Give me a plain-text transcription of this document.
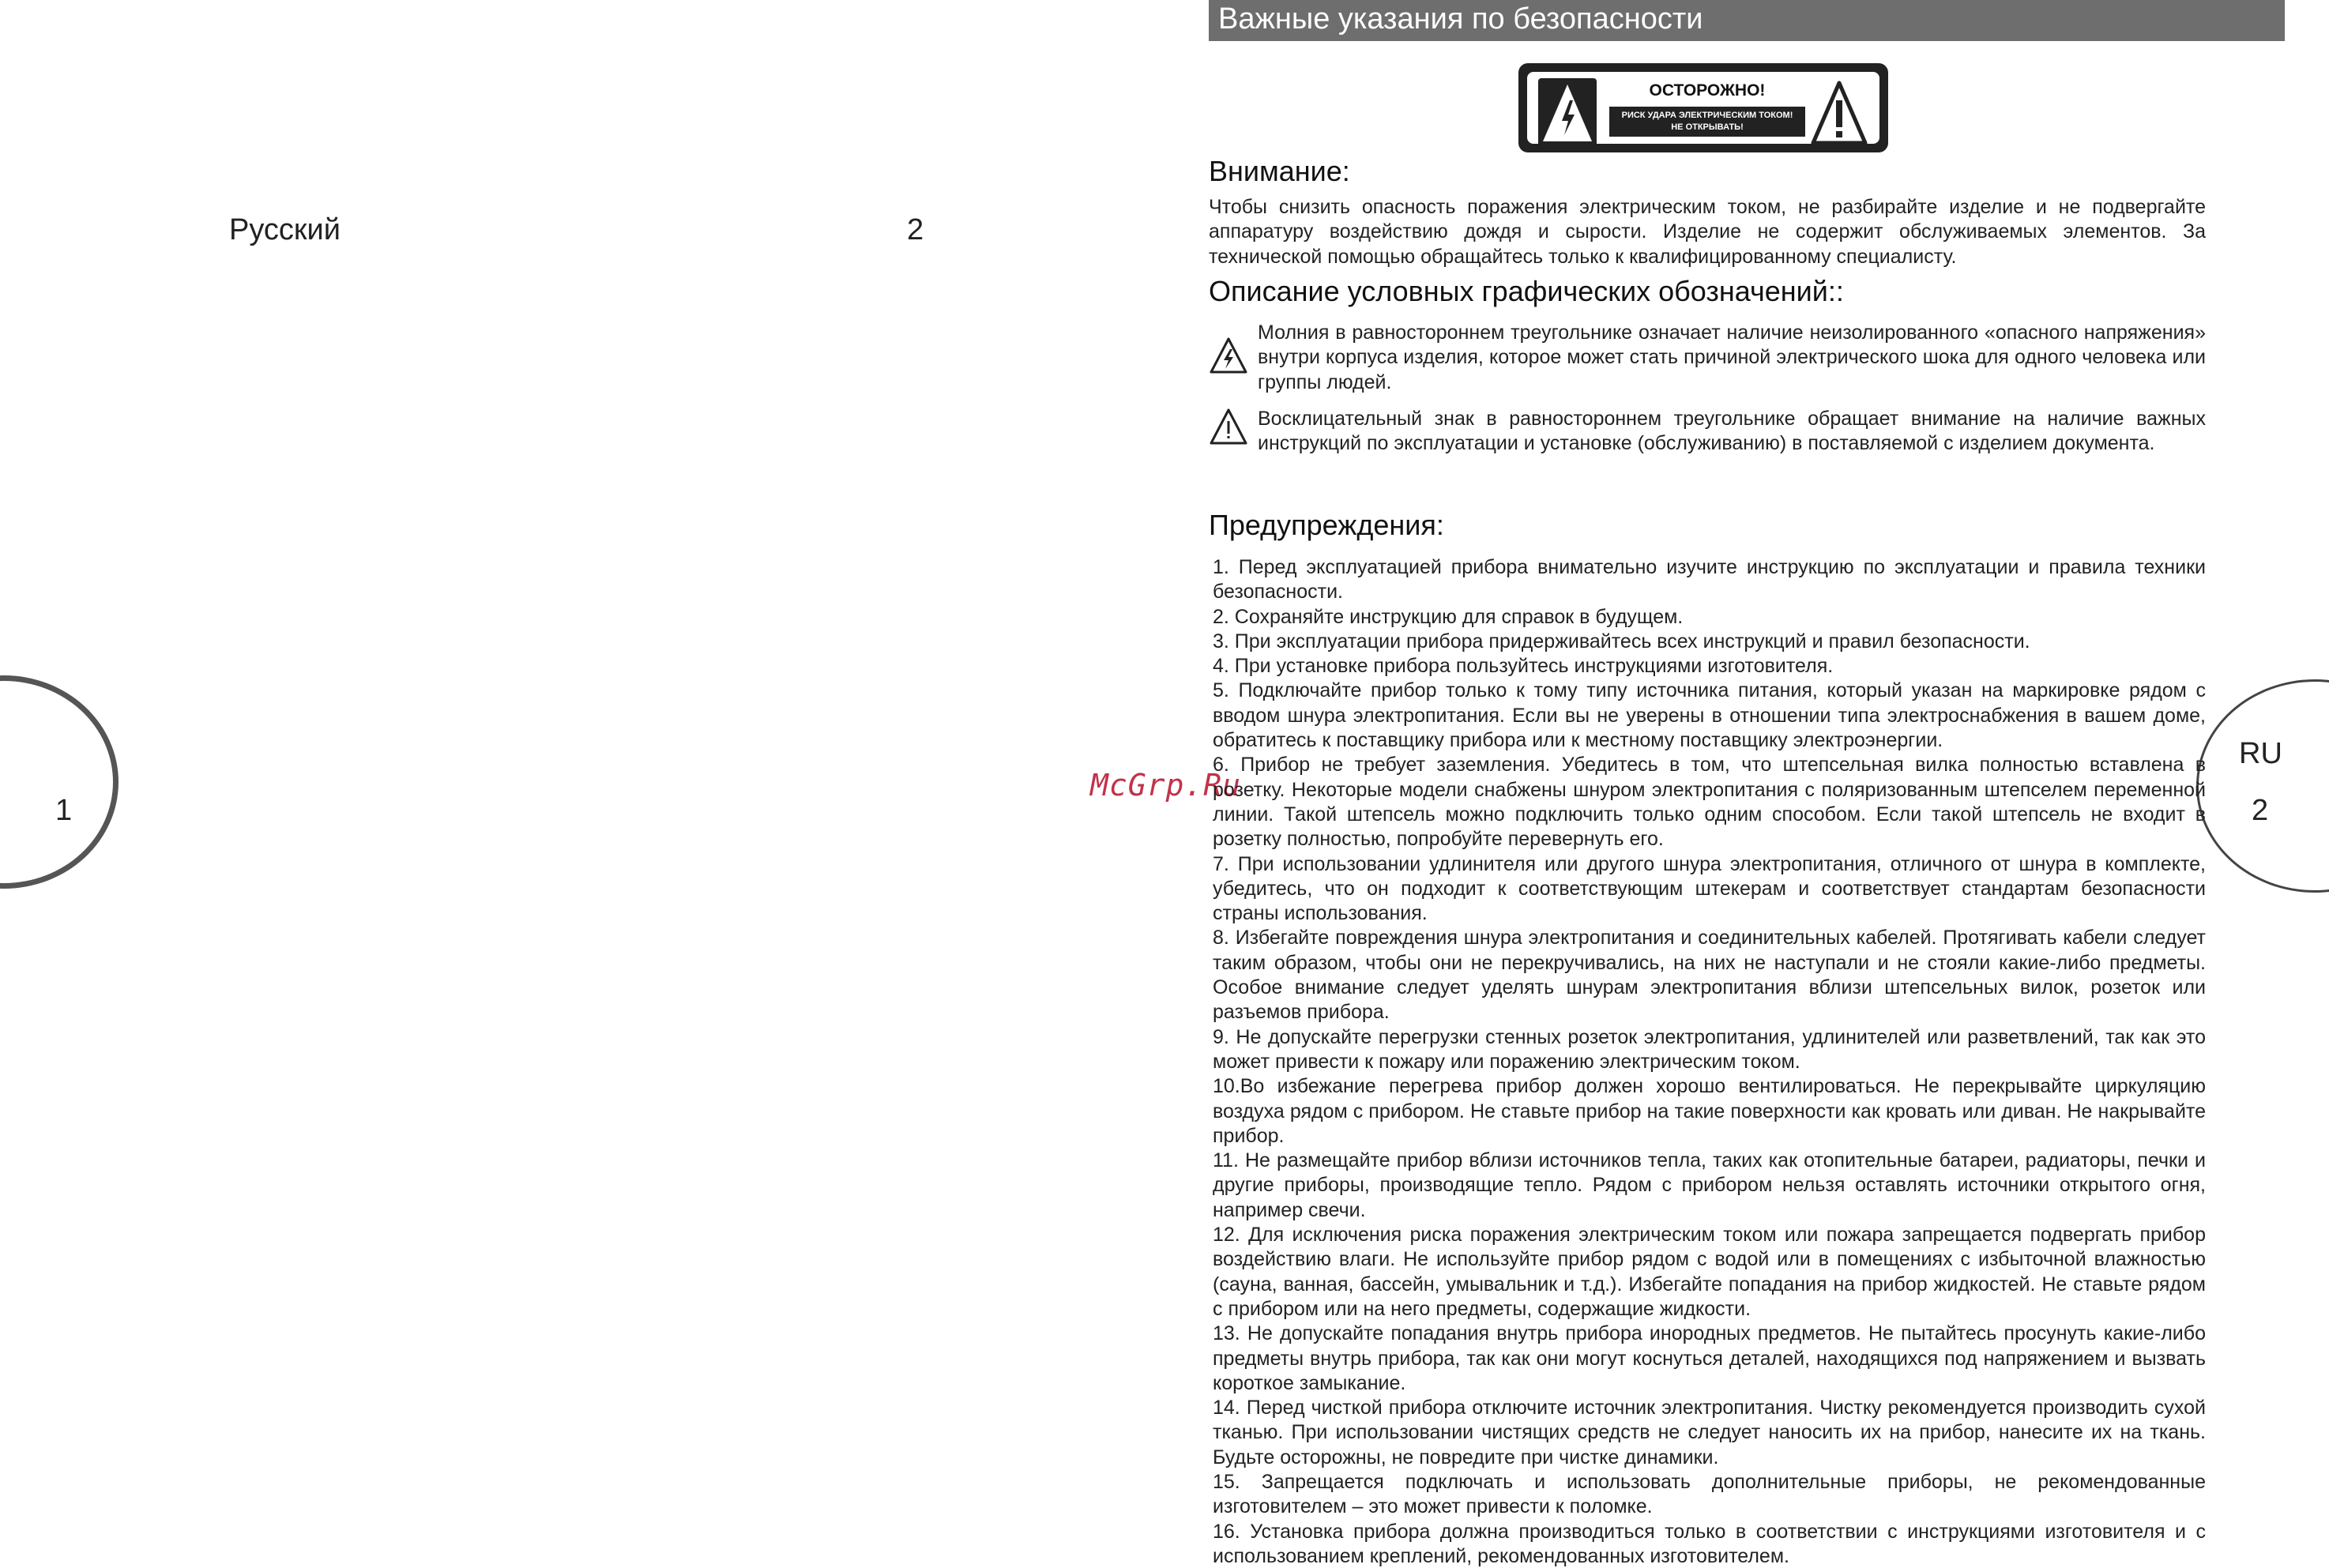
Русский	2
1
RU
2
McGrp.Ru
Важные указания по безопасности
ОСТОРОЖНО!
РИСК УДАРА ЭЛЕКТРИЧЕСКИМ ТОКОМ!
НЕ ОТКРЫВАТЬ!
Внимание:
Чтобы снизить опасность поражения электрическим током, не разбирайте изделие и не подвергайте аппаратуру воздействию дождя и сырости. Изделие не содержит обслуживаемых элементов. За технической помощью обращайтесь только к квалифицированному специалисту.
Описание условных графических обозначений::
Молния в равностороннем треугольнике означает наличие неизолированного «опасного напряжения» внутри корпуса изделия, которое может стать причиной электрического шока для одного человека или группы людей.
Восклицательный знак в равностороннем треугольнике обращает внимание на наличие важных инструкций по эксплуатации и установке (обслуживанию) в поставляемой с изделием документа.
Предупреждения:
1. Перед эксплуатацией прибора внимательно изучите инструкцию по эксплуатации и правила техники безопасности.
2. Сохраняйте инструкцию для справок в будущем.
3. При эксплуатации прибора придерживайтесь всех инструкций и правил безопасности.
4. При установке прибора пользуйтесь инструкциями изготовителя.
5. Подключайте прибор только к тому типу источника питания, который указан на маркировке рядом с вводом шнура электропитания. Если вы не уверены в отношении типа электроснабжения в вашем доме, обратитесь к поставщику прибора или к местному поставщику электроэнергии.
6. Прибор не требует заземления. Убедитесь в том, что штепсельная вилка полностью вставлена в розетку. Некоторые модели снабжены шнуром электропитания с поляризованным штепселем переменной линии. Такой штепсель можно подключить только одним способом. Если такой штепсель не входит в розетку полностью, попробуйте перевернуть его.
7. При использовании удлинителя или другого шнура электропитания, отличного от шнура в комплекте, убедитесь, что он подходит к соответствующим штекерам и соответствует стандартам безопасности страны использования.
8. Избегайте повреждения шнура электропитания и соединительных кабелей. Протягивать кабели следует таким образом, чтобы они не перекручивались, на них не наступали и не стояли какие-либо предметы. Особое внимание следует уделять шнурам электропитания вблизи штепсельных вилок, розеток или разъемов прибора.
9. Не допускайте перегрузки стенных розеток электропитания, удлинителей или разветвлений, так как это может привести к пожару или поражению электрическим током.
10.Во избежание перегрева прибор должен хорошо вентилироваться. Не перекрывайте циркуляцию воздуха рядом с прибором. Не ставьте прибор на такие поверхности как кровать или диван. Не накрывайте прибор.
11. Не размещайте прибор вблизи источников тепла, таких как отопительные батареи, радиаторы, печки и другие приборы, производящие тепло. Рядом с прибором нельзя оставлять источники открытого огня, например свечи.
12. Для исключения риска поражения электрическим током или пожара запрещается подвергать прибор воздействию влаги. Не используйте прибор рядом с водой или в помещениях с избыточной влажностью (сауна, ванная, бассейн, умывальник и т.д.). Избегайте попадания на прибор жидкостей. Не ставьте рядом с прибором или на него предметы, содержащие жидкости.
13. Не допускайте попадания внутрь прибора инородных предметов. Не пытайтесь просунуть какие-либо предметы внутрь прибора, так как они могут коснуться деталей, находящихся под напряжением и вызвать короткое замыкание.
14. Перед чисткой прибора отключите источник электропитания. Чистку рекомендуется производить сухой тканью. При использовании чистящих средств не следует наносить их на прибор, нанесите их на ткань. Будьте осторожны, не повредите при чистке динамики.
15. Запрещается подключать и использовать дополнительные приборы, не рекомендованные изготовителем – это может привести к поломке.
16. Установка прибора должна производиться только в соответствии с инструкциями изготовителя и с использованием креплений, рекомендованных изготовителем.
